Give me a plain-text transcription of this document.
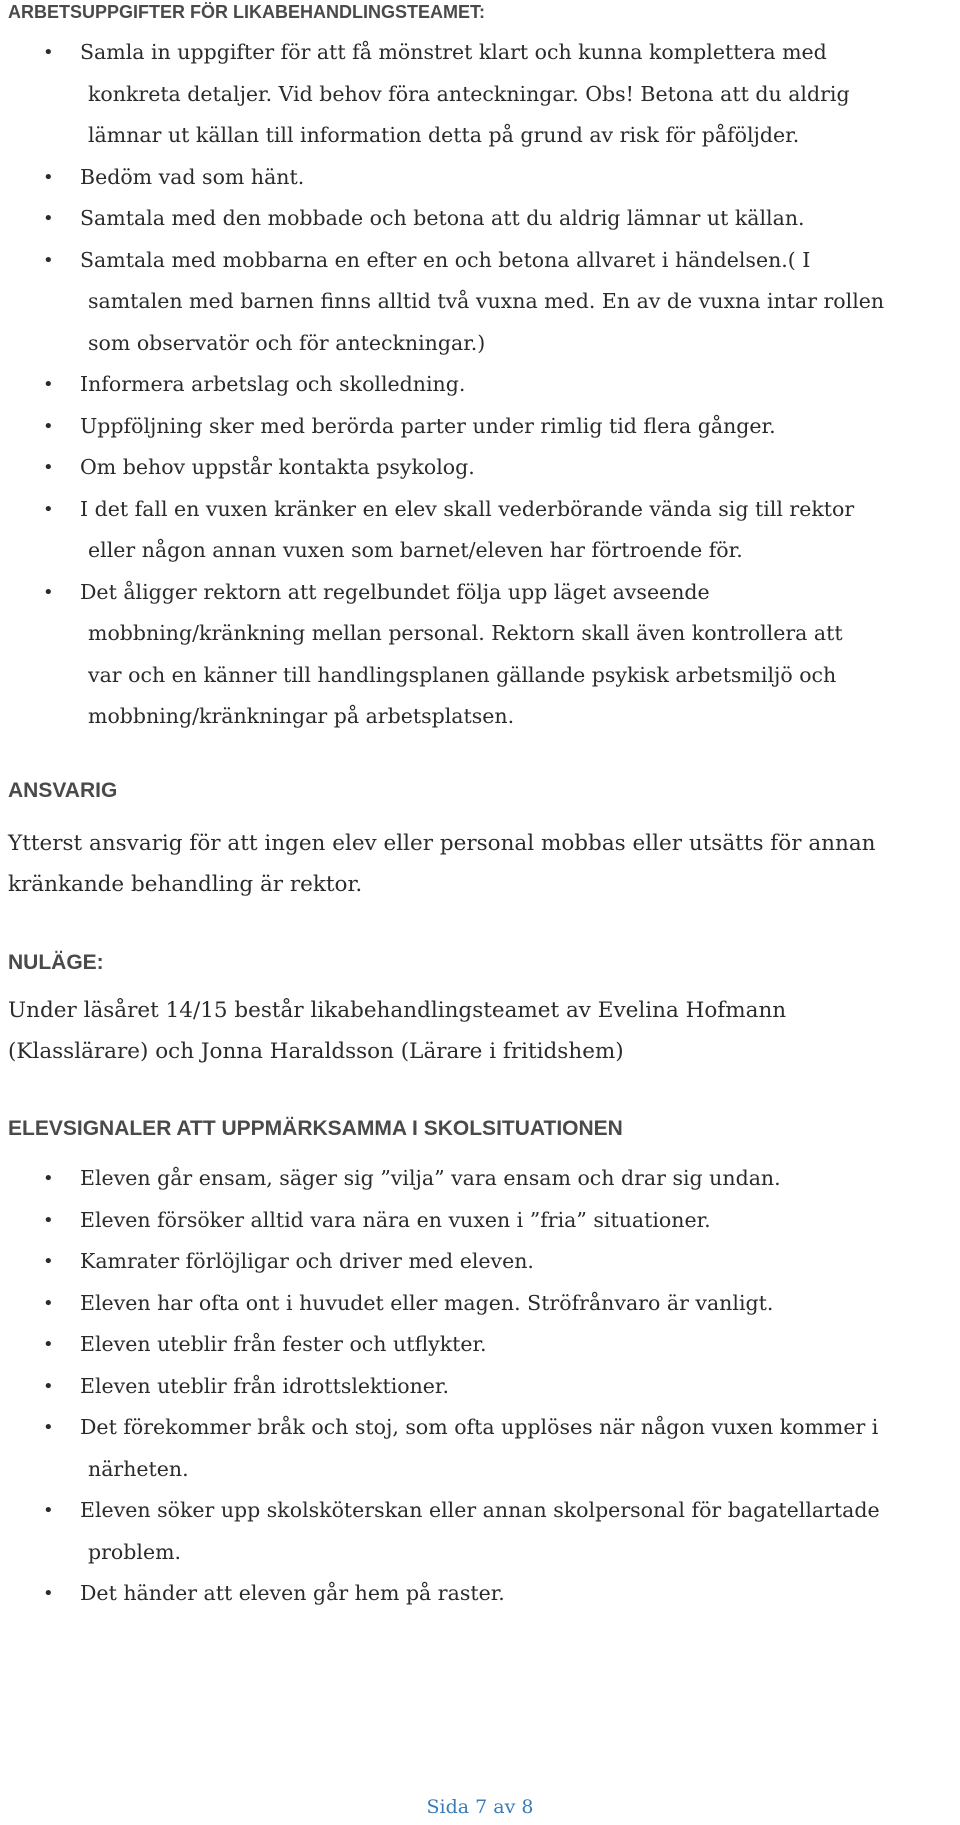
ARBETSUPPGIFTER FÖR LIKABEHANDLINGSTEAMET:
• Samla in uppgifter för att få mönstret klart och kunna komplettera med
konkreta detaljer. Vid behov föra anteckningar. Obs! Betona att du aldrig
lämnar ut källan till information detta på grund av risk för påföljder.
• Bedöm vad som hänt.
• Samtala med den mobbade och betona att du aldrig lämnar ut källan.
• Samtala med mobbarna en efter en och betona allvaret i händelsen.( I
samtalen med barnen finns alltid två vuxna med. En av de vuxna intar rollen
som observatör och för anteckningar.)
• Informera arbetslag och skolledning.
• Uppföljning sker med berörda parter under rimlig tid flera gånger.
• Om behov uppstår kontakta psykolog.
• I det fall en vuxen kränker en elev skall vederbörande vända sig till rektor
eller någon annan vuxen som barnet/eleven har förtroende för.
• Det åligger rektorn att regelbundet följa upp läget avseende
mobbning/kränkning mellan personal. Rektorn skall även kontrollera att
var och en känner till handlingsplanen gällande psykisk arbetsmiljö och
mobbning/kränkningar på arbetsplatsen.
ANSVARIG

Ytterst ansvarig för att ingen elev eller personal mobbas eller utsätts för annan
kränkande behandling är rektor.

NULÄGE:

Under läsåret 14/15 består likabehandlingsteamet av Evelina Hofmann
(Klasslärare) och Jonna Haraldsson (Lärare i fritidshem)

ELEVSIGNALER ATT UPPMÄRKSAMMA I SKOLSITUATIONEN
• Eleven går ensam, säger sig ”vilja” vara ensam och drar sig undan.
• Eleven försöker alltid vara nära en vuxen i ”fria” situationer.
• Kamrater förlöjligar och driver med eleven.
• Eleven har ofta ont i huvudet eller magen. Ströfrånvaro är vanligt.
• Eleven uteblir från fester och utflykter.
• Eleven uteblir från idrottslektioner.
• Det förekommer bråk och stoj, som ofta upplöses när någon vuxen kommer i
närheten.
• Eleven söker upp skolsköterskan eller annan skolpersonal för bagatellartade
problem.
• Det händer att eleven går hem på raster.

Sida 7 av 8
